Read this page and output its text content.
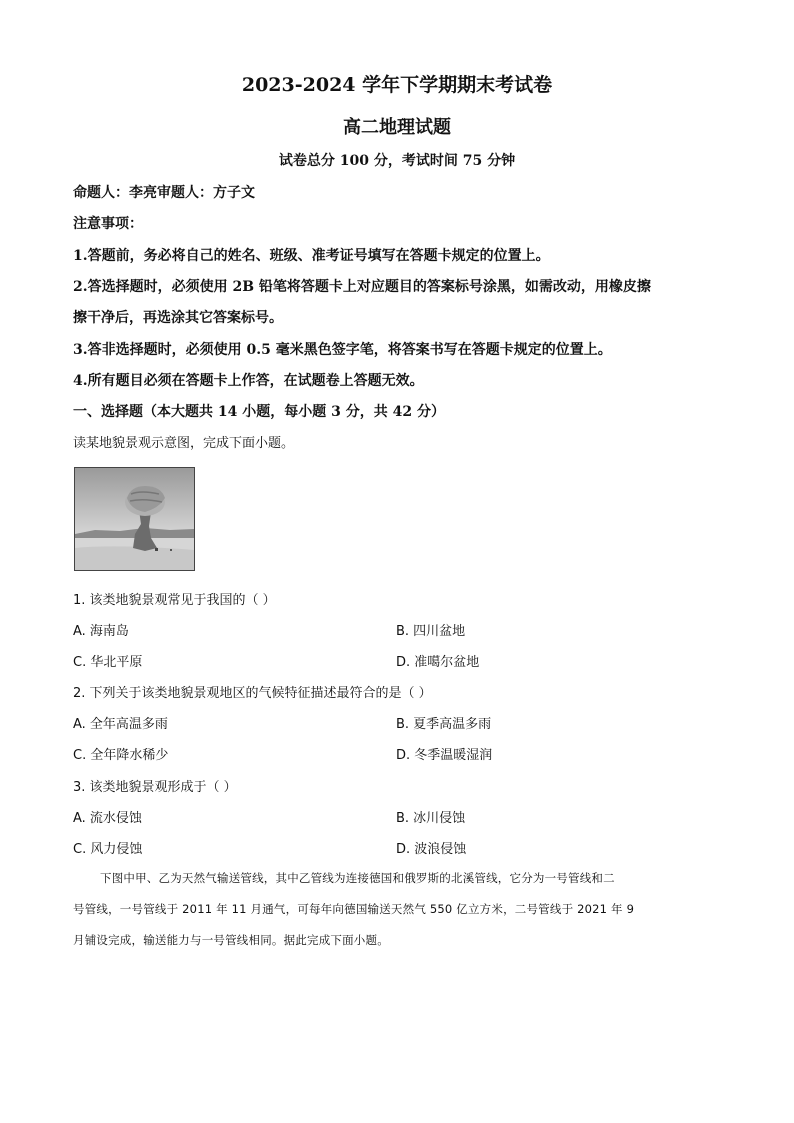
2023-2024 学年下学期期末考试卷
高二地理试题
试卷总分 100 分，考试时间 75 分钟
命题人：李亮审题人：方子文
注意事项：
1.答题前，务必将自己的姓名、班级、准考证号填写在答题卡规定的位置上。
2.答选择题时，必须使用 2B 铅笔将答题卡上对应题目的答案标号涂黑，如需改动，用橡皮擦
擦干净后，再选涂其它答案标号。
3.答非选择题时，必须使用 0.5 毫米黑色签字笔，将答案书写在答题卡规定的位置上。
4.所有题目必须在答题卡上作答，在试题卷上答题无效。
一、选择题（本大题共 14 小题，每小题 3 分，共 42 分）
读某地貌景观示意图，完成下面小题。
1. 该类地貌景观常见于我国的（ ）
A. 海南岛	B. 四川盆地
C. 华北平原	D. 准噶尔盆地
2. 下列关于该类地貌景观地区的气候特征描述最符合的是（ ）
A. 全年高温多雨	B. 夏季高温多雨
C. 全年降水稀少	D. 冬季温暖湿润
3. 该类地貌景观形成于（ ）
A. 流水侵蚀	B. 冰川侵蚀
C. 风力侵蚀	D. 波浪侵蚀
下图中甲、乙为天然气输送管线，其中乙管线为连接德国和俄罗斯的北溪管线，它分为一号管线和二
号管线，一号管线于 2011 年 11 月通气，可每年向德国输送天然气 550 亿立方米，二号管线于 2021 年 9
月铺设完成，输送能力与一号管线相同。据此完成下面小题。
